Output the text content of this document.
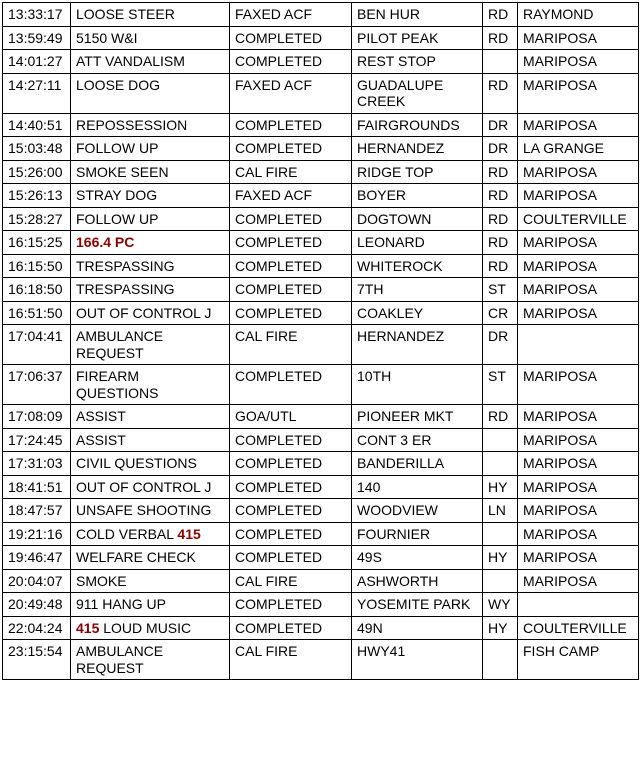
13:33:17	LOOSE STEER	FAXED ACF	BEN HUR	RD	RAYMOND
13:59:49	5150 W&I	COMPLETED	PILOT PEAK	RD	MARIPOSA
14:01:27	ATT VANDALISM	COMPLETED	REST STOP		MARIPOSA
14:27:11	LOOSE DOG	FAXED ACF	GUADALUPE CREEK	RD	MARIPOSA
14:40:51	REPOSSESSION	COMPLETED	FAIRGROUNDS	DR	MARIPOSA
15:03:48	FOLLOW UP	COMPLETED	HERNANDEZ	DR	LA GRANGE
15:26:00	SMOKE SEEN	CAL FIRE	RIDGE TOP	RD	MARIPOSA
15:26:13	STRAY DOG	FAXED ACF	BOYER	RD	MARIPOSA
15:28:27	FOLLOW UP	COMPLETED	DOGTOWN	RD	COULTERVILLE
16:15:25	166.4 PC	COMPLETED	LEONARD	RD	MARIPOSA
16:15:50	TRESPASSING	COMPLETED	WHITEROCK	RD	MARIPOSA
16:18:50	TRESPASSING	COMPLETED	7TH	ST	MARIPOSA
16:51:50	OUT OF CONTROL J	COMPLETED	COAKLEY	CR	MARIPOSA
17:04:41	AMBULANCE REQUEST	CAL FIRE	HERNANDEZ	DR	
17:06:37	FIREARM QUESTIONS	COMPLETED	10TH	ST	MARIPOSA
17:08:09	ASSIST	GOA/UTL	PIONEER MKT	RD	MARIPOSA
17:24:45	ASSIST	COMPLETED	CONT 3 ER		MARIPOSA
17:31:03	CIVIL QUESTIONS	COMPLETED	BANDERILLA		MARIPOSA
18:41:51	OUT OF CONTROL J	COMPLETED	140	HY	MARIPOSA
18:47:57	UNSAFE SHOOTING	COMPLETED	WOODVIEW	LN	MARIPOSA
19:21:16	COLD VERBAL 415	COMPLETED	FOURNIER		MARIPOSA
19:46:47	WELFARE CHECK	COMPLETED	49S	HY	MARIPOSA
20:04:07	SMOKE	CAL FIRE	ASHWORTH		MARIPOSA
20:49:48	911 HANG UP	COMPLETED	YOSEMITE PARK	WY	
22:04:24	415 LOUD MUSIC	COMPLETED	49N	HY	COULTERVILLE
23:15:54	AMBULANCE REQUEST	CAL FIRE	HWY41		FISH CAMP
